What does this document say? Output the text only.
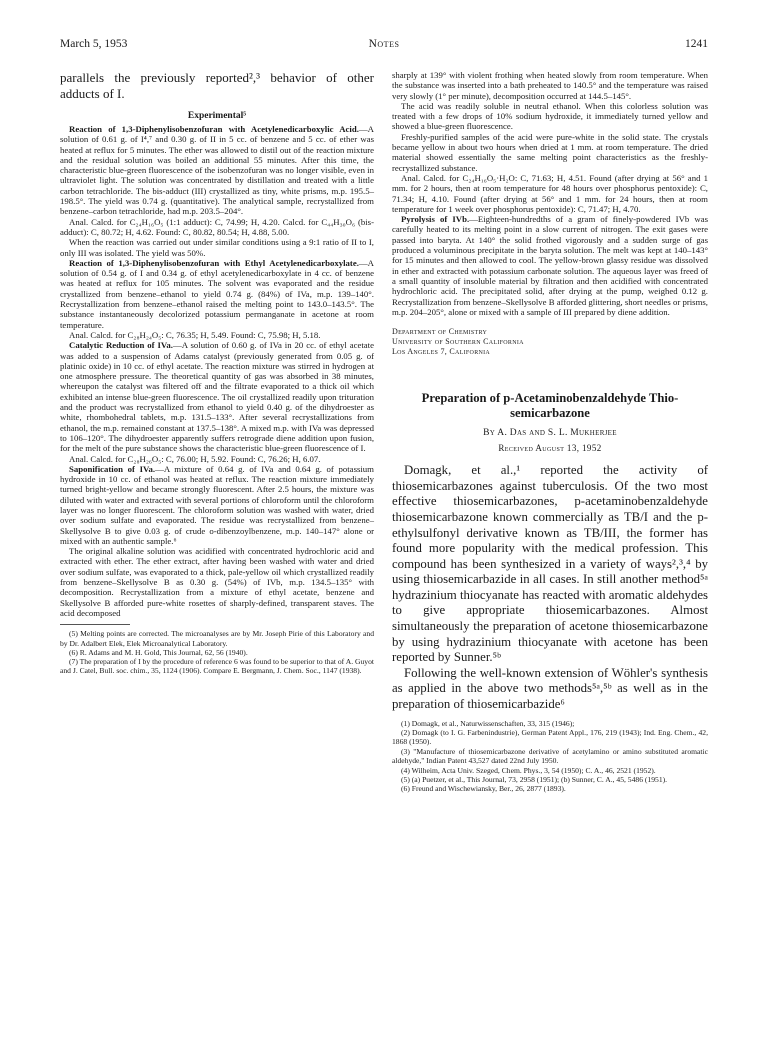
March 5, 1953	Notes	1241

parallels the previously reported²,³ behavior of other adducts of I.

Experimental⁵

Reaction of 1,3-Diphenylisobenzofuran with Acetylenedicarboxylic Acid.—A solution of 0.61 g. of I⁴,⁷ and 0.30 g. of II in 5 cc. of benzene and 5 cc. of ether was heated at reflux for 5 minutes. The ether was allowed to distil out of the reaction mixture and the residual solution was boiled an additional 55 minutes. After this time, the characteristic blue-green fluorescence of the isobenzofuran was no longer visible, even in ultraviolet light. The solution was concentrated by distillation and treated with a little carbon tetrachloride. The bis-adduct (III) crystallized as tiny, white prisms, m.p. 195.5–198.5°. The yield was 0.74 g. (quantitative). The analytical sample, recrystallized from benzene–carbon tetrachloride, had m.p. 203.5–204°.

Anal. Calcd. for C₂₄H₁₆O₅ (1:1 adduct): C, 74.99; H, 4.20. Calcd. for C₄₄H₃₀O₆ (bis-adduct): C, 80.72; H, 4.62. Found: C, 80.82, 80.54; H, 4.88, 5.00.

When the reaction was carried out under similar conditions using a 9:1 ratio of II to I, only III was isolated. The yield was 50%.

Reaction of 1,3-Diphenylisobenzofuran with Ethyl Acetylenedicarboxylate.—A solution of 0.54 g. of I and 0.34 g. of ethyl acetylenedicarboxylate in 4 cc. of benzene was heated at reflux for 105 minutes. The solvent was evaporated and the residue crystallized from benzene–ethanol to yield 0.74 g. (84%) of IVa, m.p. 139–140°. Recrystallization from benzene–ethanol raised the melting point to 143.0–143.5°. The substance instantaneously decolorized potassium permanganate in acetone at room temperature.

Anal. Calcd. for C₂₈H₂₄O₅: C, 76.35; H, 5.49. Found: C, 75.98; H, 5.18.

Catalytic Reduction of IVa.—A solution of 0.60 g. of IVa in 20 cc. of ethyl acetate was added to a suspension of Adams catalyst (previously generated from 0.05 g. of platinic oxide) in 10 cc. of ethyl acetate. The reaction mixture was stirred in hydrogen at one atmosphere pressure. The theoretical quantity of gas was absorbed in 38 minutes, whereupon the catalyst was filtered off and the filtrate evaporated to a thick oil which exhibited an intense blue-green fluorescence. The oil crystallized readily upon trituration and the product was recrystallized from ethanol to yield 0.40 g. of the dihydroester as white, rhombohedral tablets, m.p. 131.5–133°. After several recrystallizations from ethanol, the m.p. remained constant at 137.5–138°. A mixed m.p. with IVa was depressed to 106–120°. The dihydroester apparently suffers retrograde diene addition upon fusion, for the melt of the pure substance shows the characteristic blue-green fluorescence of I.

Anal. Calcd. for C₂₈H₂₆O₅: C, 76.00; H, 5.92. Found: C, 76.26; H, 6.07.

Saponification of IVa.—A mixture of 0.64 g. of IVa and 0.64 g. of potassium hydroxide in 10 cc. of ethanol was heated at reflux. The reaction mixture immediately turned bright-yellow and became strongly fluorescent. After 2.5 hours, the mixture was diluted with water and extracted with several portions of chloroform until the chloroform layer was no longer fluorescent. The chloroform solution was washed with water, dried over sodium sulfate and evaporated. The residue was recrystallized from benzene–Skellysolve B to give 0.03 g. of crude o-dibenzoylbenzene, m.p. 140–147° alone or mixed with an authentic sample.⁶

The original alkaline solution was acidified with concentrated hydrochloric acid and extracted with ether. The ether extract, after having been washed with water and dried over sodium sulfate, was evaporated to a thick, pale-yellow oil which crystallized readily from benzene–Skellysolve B as 0.30 g. (54%) of IVb, m.p. 134.5–135° with decomposition. Recrystallization from a mixture of ethyl acetate, benzene and Skellysolve B afforded pure-white rosettes of sharply-defined, transparent staves. The acid decomposed

(5) Melting points are corrected. The microanalyses are by Mr. Joseph Pirie of this Laboratory and by Dr. Adalbert Elek, Elek Microanalytical Laboratory.

(6) R. Adams and M. H. Gold, This Journal, 62, 56 (1940).

(7) The preparation of I by the procedure of reference 6 was found to be superior to that of A. Guyot and J. Catel, Bull. soc. chim., 35, 1124 (1906). Compare E. Bergmann, J. Chem. Soc., 1147 (1938).

sharply at 139° with violent frothing when heated slowly from room temperature. When the substance was inserted into a bath preheated to 140.5° and the temperature was raised very slowly (1° per minute), decomposition occurred at 144.5–145°.

The acid was readily soluble in neutral ethanol. When this colorless solution was treated with a few drops of 10% sodium hydroxide, it immediately turned yellow and showed a blue-green fluorescence.

Freshly-purified samples of the acid were pure-white in the solid state. The crystals became yellow in about two hours when dried at 1 mm. at room temperature. The dried material showed essentially the same melting point characteristics as the freshly-recrystallized substance.

Anal. Calcd. for C₂₄H₁₆O₅·H₂O: C, 71.63; H, 4.51. Found (after drying at 56° and 1 mm. for 2 hours, then at room temperature for 48 hours over phosphorus pentoxide): C, 71.34; H, 4.10. Found (after drying at 56° and 1 mm. for 24 hours, then at room temperature for 1 week over phosphorus pentoxide): C, 71.47; H, 4.70.

Pyrolysis of IVb.—Eighteen-hundredths of a gram of finely-powdered IVb was carefully heated to its melting point in a slow current of nitrogen. The exit gases were passed into baryta. At 140° the solid frothed vigorously and a sudden surge of gas produced a voluminous precipitate in the baryta solution. The melt was kept at 140–143° for 15 minutes and then allowed to cool. The yellow-brown glassy residue was dissolved in ether and extracted with potassium carbonate solution. The aqueous layer was freed of a small quantity of insoluble material by filtration and then acidified with concentrated hydrochloric acid. The precipitated solid, after drying at the pump, weighed 0.12 g. Recrystallization from benzene–Skellysolve B afforded glittering, short needles or prisms, m.p. 204–205°, alone or mixed with a sample of III prepared by diene addition.

Department of Chemistry
University of Southern California
Los Angeles 7, California
Preparation of p-Acetaminobenzaldehyde Thio-
semicarbazone
By A. Das and S. L. Mukherjee
Received August 13, 1952

Domagk, et al.,¹ reported the activity of thiosemicarbazones against tuberculosis. Of the two most effective thiosemicarbazones, p-acetaminobenzaldehyde thiosemicarbazone known commercially as TB/I and the p-ethylsulfonyl derivative known as TB/III, the former has found more popularity with the medical profession. This compound has been synthesized in a variety of ways²,³,⁴ by using thiosemicarbazide in all cases. In still another method⁵ᵃ hydrazinium thiocyanate has reacted with aromatic aldehydes to give appropriate thiosemicarbazones. Almost simultaneously the preparation of acetone thiosemicarbazone by using hydrazinium thiocyanate with acetone has been reported by Sunner.⁵ᵇ

Following the well-known extension of Wöhler's synthesis as applied in the above two methods⁵ᵃ,⁵ᵇ as well as in the preparation of thiosemicarbazide⁶

(1) Domagk, et al., Naturwissenschaften, 33, 315 (1946);

(2) Domagk (to I. G. Farbenindustrie), German Patent Appl., 176, 219 (1943); Ind. Eng. Chem., 42, 1868 (1950).

(3) "Manufacture of thiosemicarbazone derivative of acetylamino or amino substituted aromatic aldehyde," Indian Patent 43,527 dated 22nd July 1950.

(4) Wilheim, Acta Univ. Szeged, Chem. Phys., 3, 54 (1950); C. A., 46, 2521 (1952).

(5) (a) Puetzer, et al., This Journal, 73, 2958 (1951); (b) Sunner, C. A., 45, 5486 (1951).

(6) Freund and Wischewiansky, Ber., 26, 2877 (1893).
